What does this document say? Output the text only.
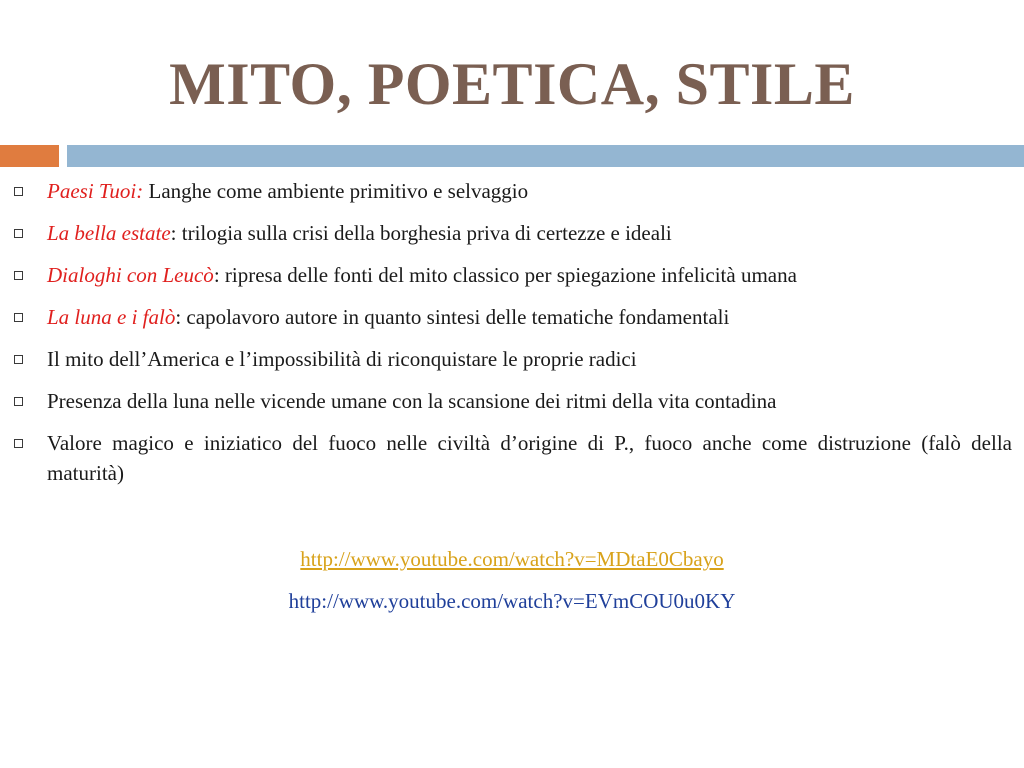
MITO, POETICA, STILE
Paesi Tuoi: Langhe come ambiente primitivo e selvaggio
La bella estate: trilogia sulla crisi della borghesia priva di certezze e ideali
Dialoghi con Leucò: ripresa delle fonti del mito classico per spiegazione infelicità umana
La luna e i falò: capolavoro autore in quanto sintesi delle tematiche fondamentali
Il mito dell’America e l’impossibilità di riconquistare le proprie radici
Presenza della luna nelle vicende umane con la scansione dei ritmi della vita contadina
Valore magico e iniziatico del fuoco nelle civiltà d’origine di P., fuoco anche come distruzione (falò della maturità)
http://www.youtube.com/watch?v=MDtaE0Cbayo
http://www.youtube.com/watch?v=EVmCOU0u0KY
